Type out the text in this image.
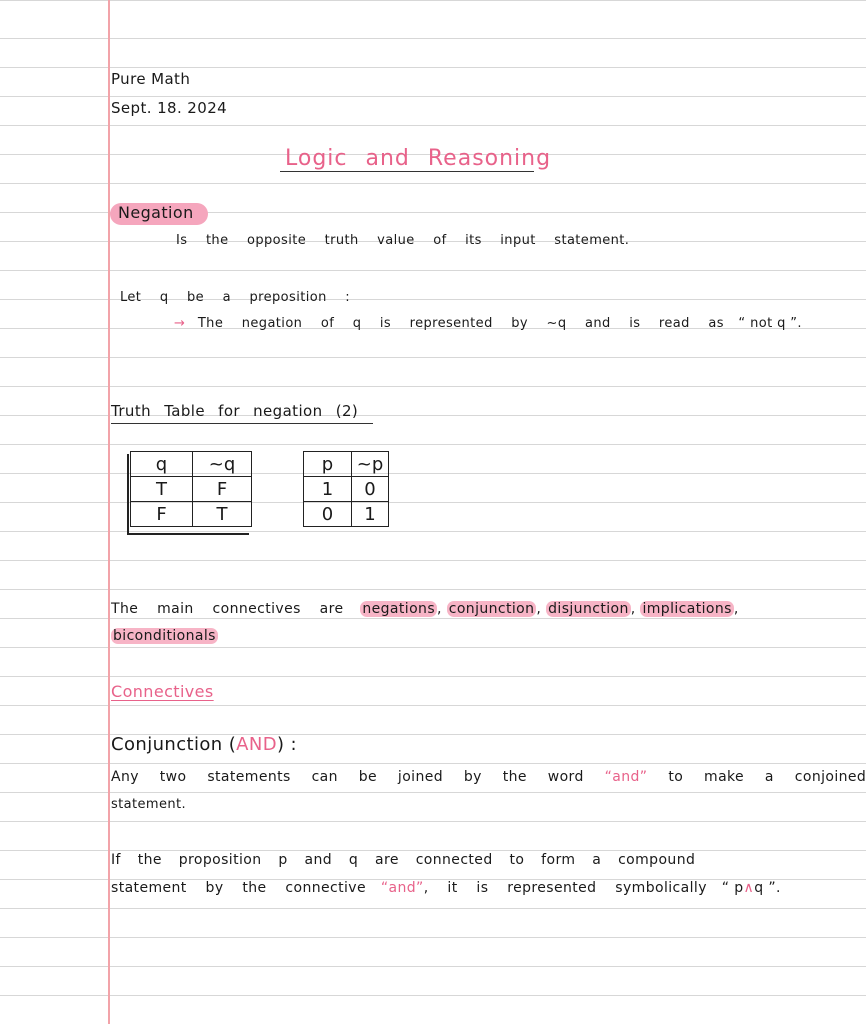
Pure Math
Sept. 18. 2024
Logic and Reasoning
Negation
Is the opposite truth value of its input statement.
Let q be a preposition :
→ The negation of q is represented by ~q and is read as “ not q ”.
Truth Table for negation (2)
q	~q
T	F
F	T
p	~p
1	0
0	1
The main connectives are negations , conjunction , disjunction , implications ,
biconditionals
Connectives
Conjunction (AND) :
Any two statements can be joined by the word “and” to make a conjoined
statement.
If the proposition p and q are connected to form a compound
statement by the connective “and”, it is represented symbolically “ p∧q ”.
